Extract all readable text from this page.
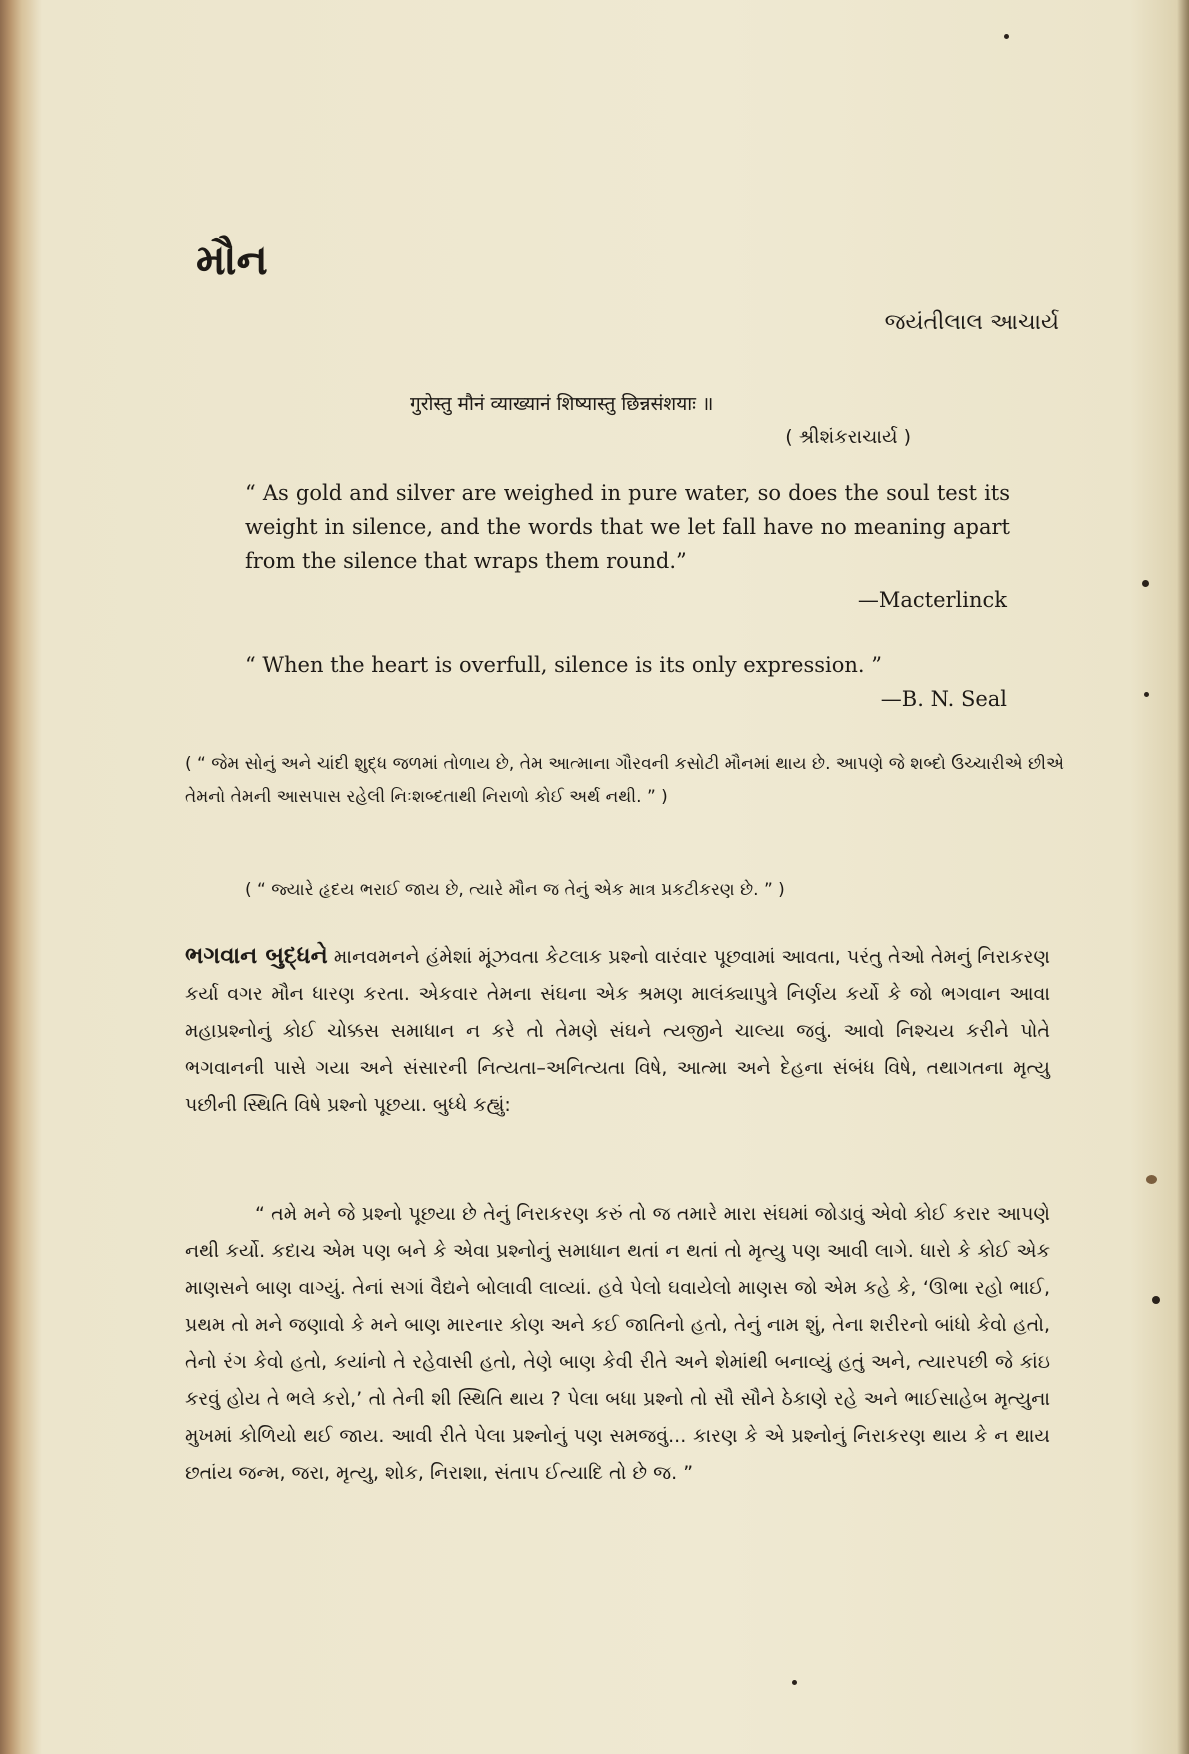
મૌન
જયંતીલાલ આચાર્ય
गुरोस्तु मौनं व्याख्यानं शिष्यास्तु छिन्नसंशयाः ॥
( શ્રીશંકરાચાર્ય )
“ As gold and silver are weighed in pure water, so does the soul test its weight in silence, and the words that we let fall have no meaning apart from the silence that wraps them round.”
—Macterlinck
“ When the heart is overfull, silence is its only expression. ”
—B. N. Seal
( “ જેમ સોનું અને ચાંદી શુદ્ધ જળમાં તોળાય છે, તેમ આત્માના ગૌરવની કસોટી મૌનમાં થાય છે. આપણે જે શબ્દો ઉચ્ચારીએ છીએ તેમનો તેમની આસપાસ રહેલી નિઃશબ્દતાથી નિરાળો કોઈ અર્થ નથી. ” )
( “ જ્યારે હૃદય ભરાઈ જાય છે, ત્યારે મૌન જ તેનું એક માત્ર પ્રકટીકરણ છે. ” )
ભગવાન બુદ્ધને માનવમનને હંમેશાં મૂંઝવતા કેટલાક પ્રશ્નો વારંવાર પૂછવામાં આવતા, પરંતુ તેઓ તેમનું નિરાકરણ કર્યા વગર મૌન ધારણ કરતા. એકવાર તેમના સંઘના એક શ્રમણ માલંક્યાપુત્રે નિર્ણય કર્યો કે જો ભગવાન આવા મહાપ્રશ્નોનું કોઈ ચોક્કસ સમાધાન ન કરે તો તેમણે સંઘને ત્યજીને ચાલ્યા જવું. આવો નિશ્ચય કરીને પોતે ભગવાનની પાસે ગયા અને સંસારની નિત્યતા–અનિત્યતા વિષે, આત્મા અને દેહના સંબંધ વિષે, તથાગતના મૃત્યુ પછીની સ્થિતિ વિષે પ્રશ્નો પૂછયા. બુધ્ધે કહ્યું:
“ તમે મને જે પ્રશ્નો પૂછયા છે તેનું નિરાકરણ કરું તો જ તમારે મારા સંઘમાં જોડાવું એવો કોઈ કરાર આપણે નથી કર્યો. કદાચ એમ પણ બને કે એવા પ્રશ્નોનું સમાધાન થતાં ન થતાં તો મૃત્યુ પણ આવી લાગે. ધારો કે કોઈ એક માણસને બાણ વાગ્યું. તેનાં સગાં વૈદ્યને બોલાવી લાવ્યાં. હવે પેલો ઘવાયેલો માણસ જો એમ કહે કે, ‘ઊભા રહો ભાઈ, પ્રથમ તો મને જણાવો કે મને બાણ મારનાર કોણ અને કઈ જાતિનો હતો, તેનું નામ શું, તેના શરીરનો બાંધો કેવો હતો, તેનો રંગ કેવો હતો, કયાંનો તે રહેવાસી હતો, તેણે બાણ કેવી રીતે અને શેમાંથી બનાવ્યું હતું અને, ત્યારપછી જે કાંઇ કરવું હોય તે ભલે કરો,’ તો તેની શી સ્થિતિ થાય ? પેલા બધા પ્રશ્નો તો સૌ સૌને ઠેકાણે રહે અને ભાઈસાહેબ મૃત્યુના મુખમાં કોળિયો થઈ જાય. આવી રીતે પેલા પ્રશ્નોનું પણ સમજવું... કારણ કે એ પ્રશ્નોનું નિરાકરણ થાય કે ન થાય છતાંય જન્મ, જરા, મૃત્યુ, શોક, નિરાશા, સંતાપ ઈત્યાદિ તો છે જ. ”
